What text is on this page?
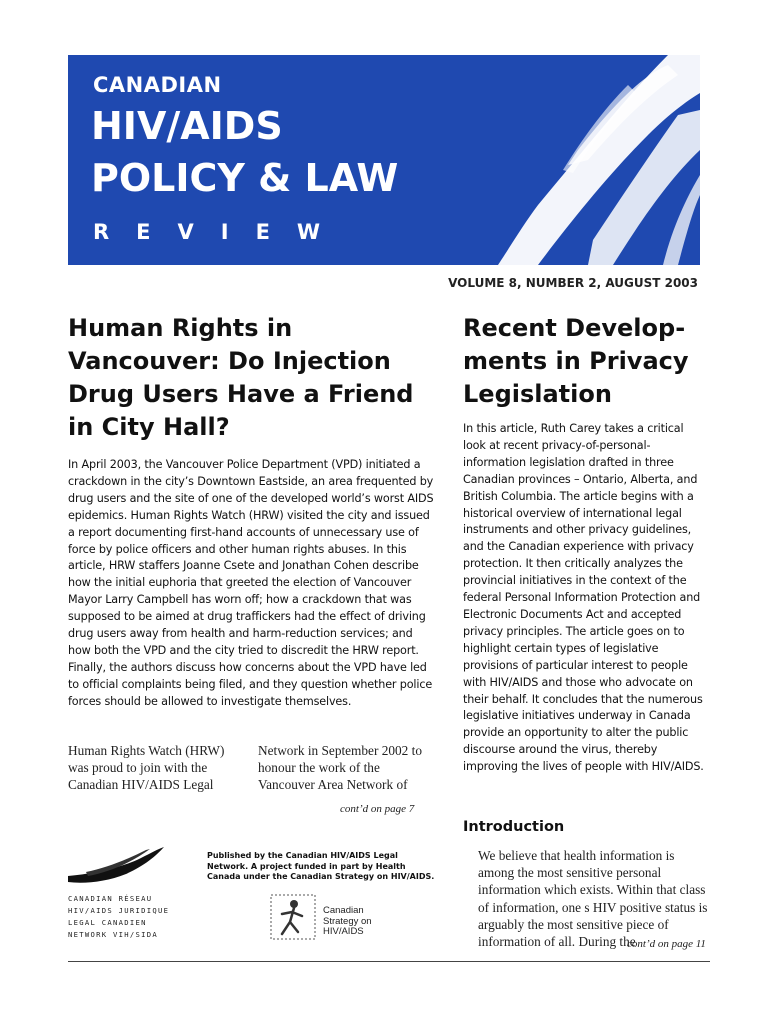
CANADIAN
HIV/AIDS
POLICY & LAW
REVIEW
VOLUME 8, NUMBER 2, AUGUST 2003
Human Rights in Vancouver: Do Injection Drug Users Have a Friend in City Hall?

In April 2003, the Vancouver Police Department (VPD) initiated a crackdown in the city’s Downtown Eastside, an area frequented by drug users and the site of one of the developed world’s worst AIDS epidemics. Human Rights Watch (HRW) visited the city and issued a report documenting first-hand accounts of unnecessary use of force by police officers and other human rights abuses. In this article, HRW staffers Joanne Csete and Jonathan Cohen describe how the initial euphoria that greeted the election of Vancouver Mayor Larry Campbell has worn off; how a crackdown that was supposed to be aimed at drug traffickers had the effect of driving drug users away from health and harm-reduction services; and how both the VPD and the city tried to discredit the HRW report. Finally, the authors discuss how concerns about the VPD have led to official complaints being filed, and they question whether police forces should be allowed to investigate themselves.

Human Rights Watch (HRW) was proud to join with the Canadian HIV/AIDS Legal

Network in September 2002 to honour the work of the Vancouver Area Network of

cont’d on page 7
Recent Develop-ments in Privacy Legislation

In this article, Ruth Carey takes a critical look at recent privacy-of-personal-information legislation drafted in three Canadian provinces – Ontario, Alberta, and British Columbia. The article begins with a historical overview of international legal instruments and other privacy guidelines, and the Canadian experience with privacy protection. It then critically analyzes the provincial initiatives in the context of the federal Personal Information Protection and Electronic Documents Act and accepted privacy principles. The article goes on to highlight certain types of legislative provisions of particular interest to people with HIV/AIDS and those who advocate on their behalf. It concludes that the numerous legislative initiatives underway in Canada provide an opportunity to alter the public discourse around the virus, thereby improving the lives of people with HIV/AIDS.

Introduction

We believe that health information is among the most sensitive personal information which exists. Within that class of information, one s HIV positive status is arguably the most sensitive piece of information of all. During the

cont’d on page 11
CANADIAN RÉSEAU
HIV/AIDS JURIDIQUE
LEGAL CANADIEN
NETWORK VIH/SIDA

Published by the Canadian HIV/AIDS Legal Network. A project funded in part by Health Canada under the Canadian Strategy on HIV/AIDS.

Canadian
Strategy on
HIV/AIDS
